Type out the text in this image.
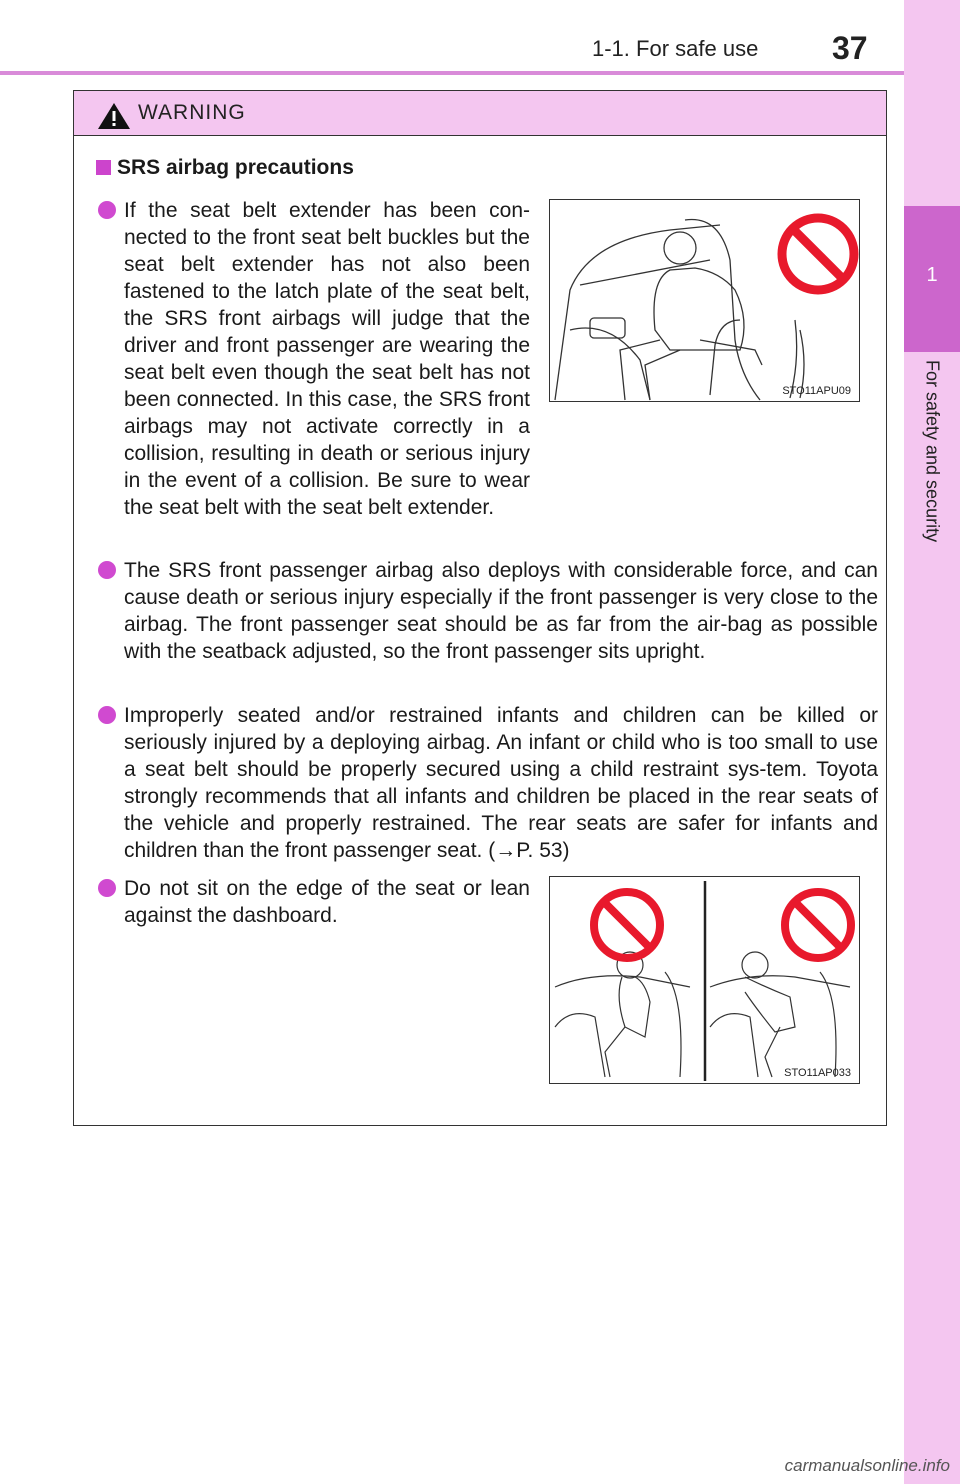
1-1. For safe use 37
1
For safety and security
WARNING
SRS airbag precautions
If the seat belt extender has been con-nected to the front seat belt buckles but the seat belt extender has not also been fastened to the latch plate of the seat belt, the SRS front airbags will judge that the driver and front passenger are wearing the seat belt even though the seat belt has not been connected. In this case, the SRS front airbags may not activate correctly in a collision, resulting in death or serious injury in the event of a collision. Be sure to wear the seat belt with the seat belt extender.
STO11APU09
The SRS front passenger airbag also deploys with considerable force, and can cause death or serious injury especially if the front passenger is very close to the airbag. The front passenger seat should be as far from the air-bag as possible with the seatback adjusted, so the front passenger sits upright.
Improperly seated and/or restrained infants and children can be killed or seriously injured by a deploying airbag. An infant or child who is too small to use a seat belt should be properly secured using a child restraint sys-tem. Toyota strongly recommends that all infants and children be placed in the rear seats of the vehicle and properly restrained. The rear seats are safer for infants and children than the front passenger seat. (→P. 53)
Do not sit on the edge of the seat or lean against the dashboard.
STO11AP033
carmanualsonline.info
